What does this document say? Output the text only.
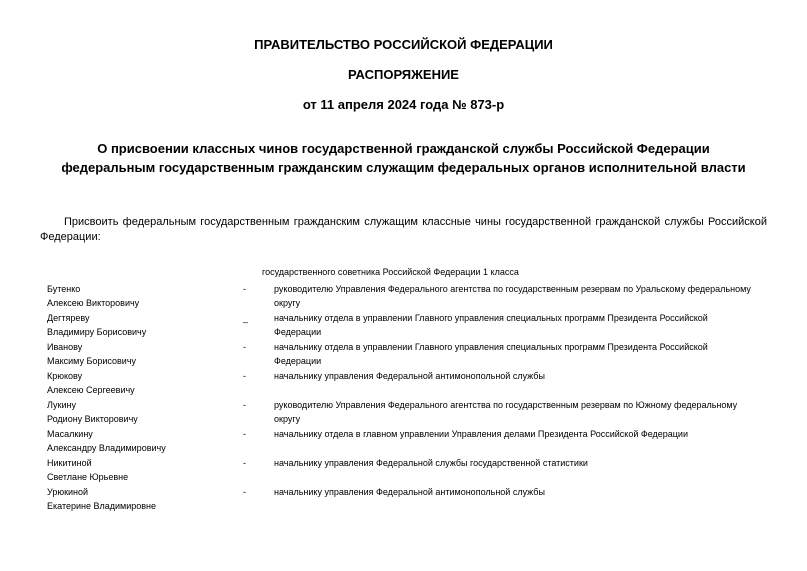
ПРАВИТЕЛЬСТВО РОССИЙСКОЙ ФЕДЕРАЦИИ
РАСПОРЯЖЕНИЕ
от 11 апреля 2024 года № 873-р
О присвоении классных чинов государственной гражданской службы Российской Федерации
федеральным государственным гражданским служащим федеральных органов исполнительной власти
Присвоить федеральным государственным гражданским служащим классные чины государственной гражданской службы Российской Федерации:
государственного советника Российской Федерации 1 класса
Бутенко
Алексею Викторовичу
-	руководителю Управления Федерального агентства по государственным резервам по Уральскому федеральному округу
Дегтяреву
Владимиру Борисовичу
_	начальнику отдела в управлении Главного управления специальных программ Президента Российской Федерации
Иванову
Максиму Борисовичу
-	начальнику отдела в управлении Главного управления специальных программ Президента Российской Федерации
Крюкову
Алексею Сергеевичу
-	начальнику управления Федеральной антимонопольной службы
Лукину
Родиону Викторовичу
-	руководителю Управления Федерального агентства по государственным резервам по Южному федеральному округу
Масалкину
Александру Владимировичу
-	начальнику отдела в главном управлении Управления делами Президента Российской Федерации
Никитиной
Светлане Юрьевне
-	начальнику управления Федеральной службы государственной статистики
Урюкиной
Екатерине Владимировне
-	начальнику управления Федеральной антимонопольной службы
